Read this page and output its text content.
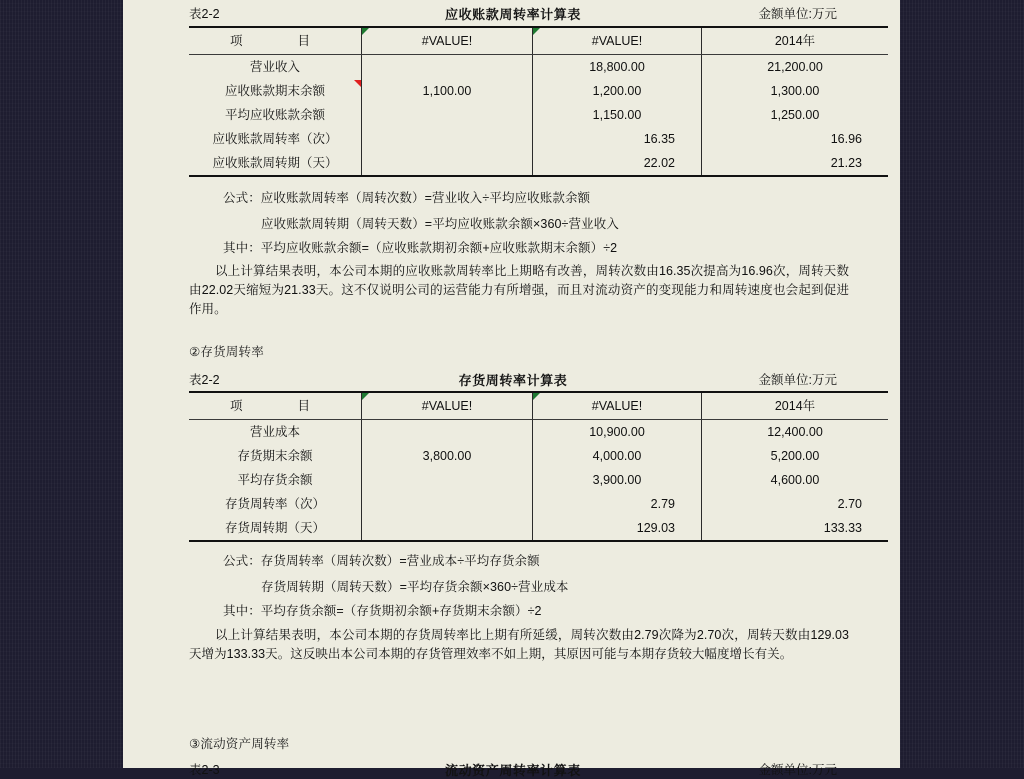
表2-2	应收账款周转率计算表	金额单位:万元
项　　目	#VALUE!	#VALUE!	2014年
营业收入		18,800.00	21,200.00

应收账款期末余额	1,100.00	1,200.00	1,300.00
平均应收账款余额		1,150.00	1,250.00
应收账款周转率（次）		16.35	16.96
应收账款周转期（天）		22.02	21.23
公式：应收账款周转率（周转次数）=营业收入÷平均应收账款余额
应收账款周转期（周转天数）=平均应收账款余额×360÷营业收入
其中：平均应收账款余额=（应收账款期初余额+应收账款期末余额）÷2
以上计算结果表明，本公司本期的应收账款周转率比上期略有改善，周转次数由16.35次提高为16.96次，周转天数由22.02天缩短为21.33天。这不仅说明公司的运营能力有所增强，而且对流动资产的变现能力和周转速度也会起到促进作用。
②存货周转率
表2-2	存货周转率计算表	金额单位:万元
项　　目	#VALUE!	#VALUE!	2014年
营业成本		10,900.00	12,400.00
存货期末余额	3,800.00	4,000.00	5,200.00
平均存货余额		3,900.00	4,600.00
存货周转率（次）		2.79	2.70
存货周转期（天）		129.03	133.33
公式：存货周转率（周转次数）=营业成本÷平均存货余额
存货周转期（周转天数）=平均存货余额×360÷营业成本
其中：平均存货余额=（存货期初余额+存货期末余额）÷2
以上计算结果表明，本公司本期的存货周转率比上期有所延缓，周转次数由2.79次降为2.70次，周转天数由129.03天增为133.33天。这反映出本公司本期的存货管理效率不如上期，其原因可能与本期存货较大幅度增长有关。
③流动资产周转率
表2-3	流动资产周转率计算表	金额单位:万元
